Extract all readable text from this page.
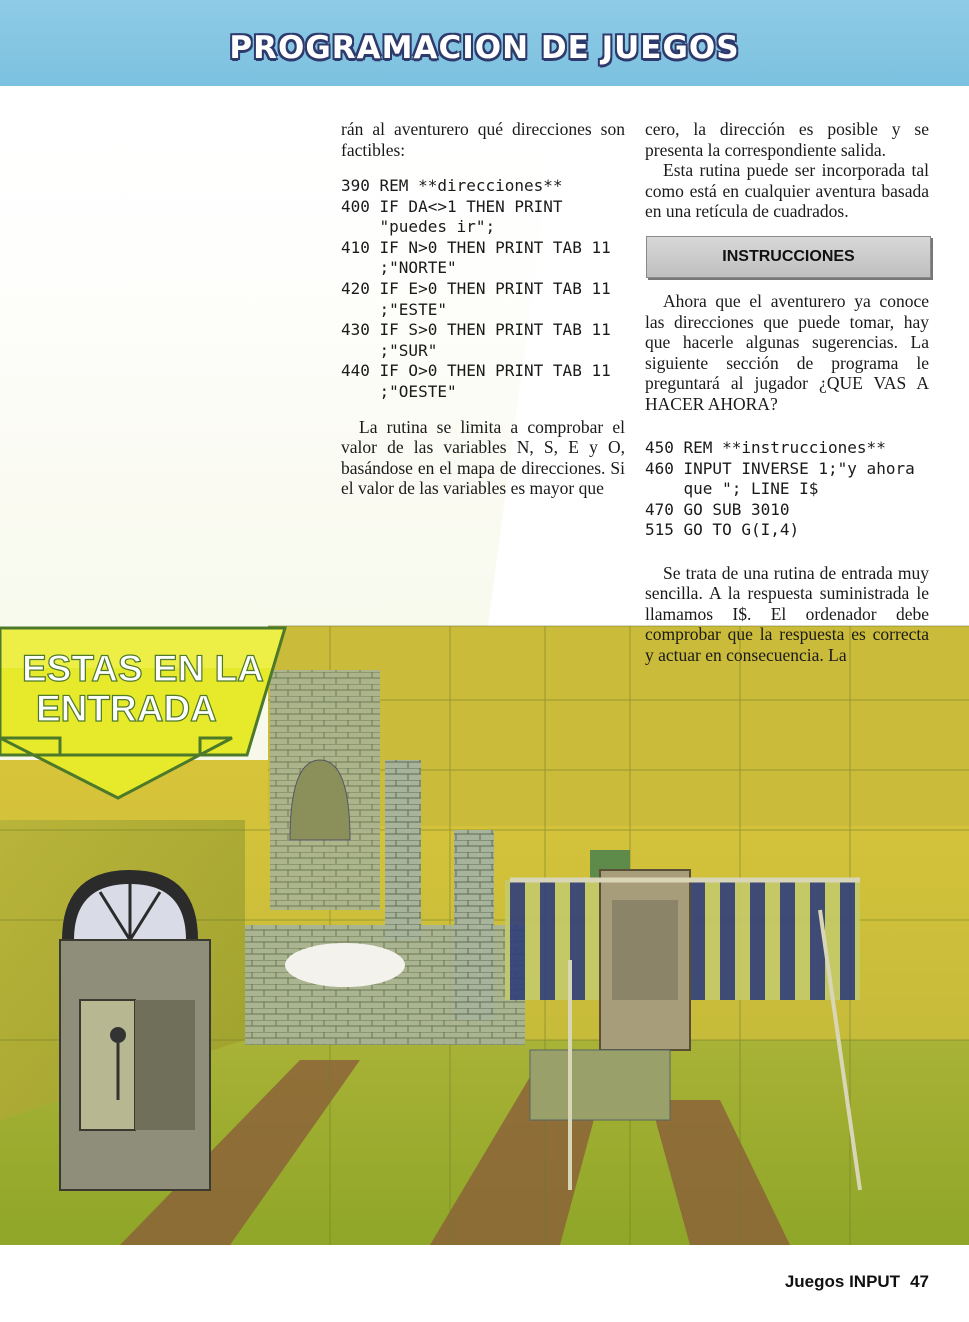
ESTAS EN LA
ENTRADA
PROGRAMACION DE JUEGOS

rán al aventurero qué direcciones son factibles:

390 REM **direcciones**
400 IF DA<>1 THEN PRINT
"puedes ir";
410 IF N>0 THEN PRINT TAB 11
;"NORTE"
420 IF E>0 THEN PRINT TAB 11
;"ESTE"
430 IF S>0 THEN PRINT TAB 11
;"SUR"
440 IF O>0 THEN PRINT TAB 11
;"OESTE"

La rutina se limita a comprobar el valor de las variables N, S, E y O, basándose en el mapa de direcciones. Si el valor de las variables es mayor que

cero, la dirección es posible y se presenta la correspondiente salida.

Esta rutina puede ser incorporada tal como está en cualquier aventura basada en una retícula de cuadrados.

INSTRUCCIONES

Ahora que el aventurero ya conoce las direcciones que puede tomar, hay que hacerle algunas sugerencias. La siguiente sección de programa le preguntará al jugador ¿QUE VAS A HACER AHORA?

450 REM **instrucciones**
460 INPUT INVERSE 1;"y ahora
que "; LINE I$
470 GO SUB 3010
515 GO TO G(I,4)

Se trata de una rutina de entrada muy sencilla. A la respuesta suministrada le llamamos I$. El ordenador debe comprobar que la respuesta es correcta y actuar en consecuencia. La

Juegos INPUT 47
